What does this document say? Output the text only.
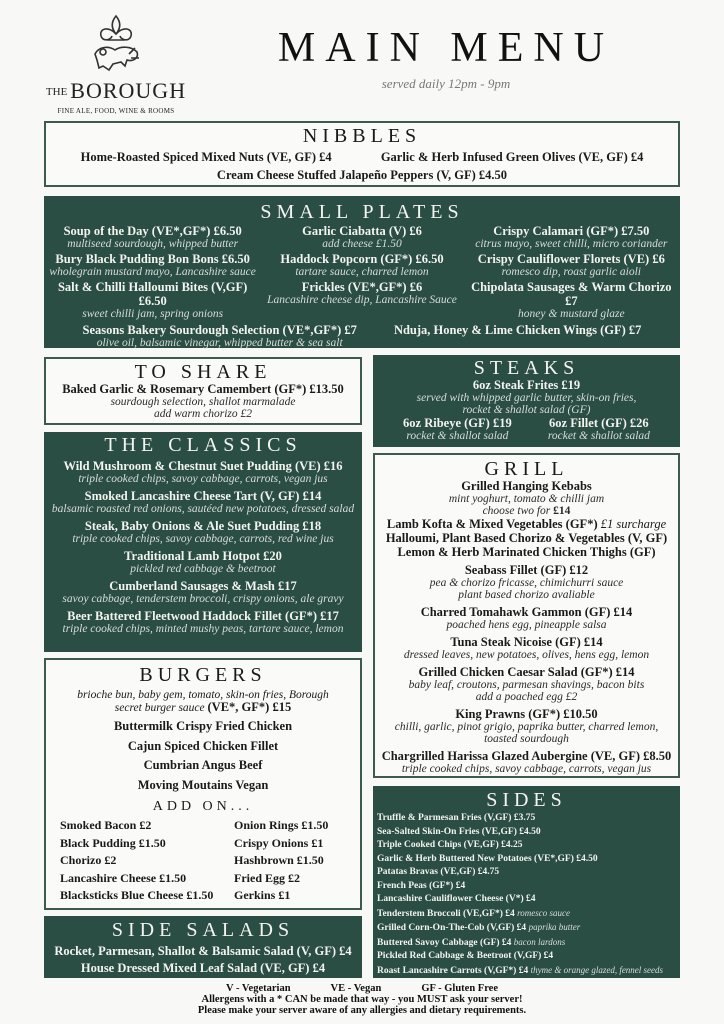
THE BOROUGH
FINE ALE, FOOD, WINE & ROOMS
MAIN MENU
served daily 12pm - 9pm
NIBBLES
Home-Roasted Spiced Mixed Nuts (VE, GF) £4	Garlic & Herb Infused Green Olives (VE, GF) £4
Cream Cheese Stuffed Jalapeño Peppers (V, GF) £4.50
SMALL PLATES
Soup of the Day (VE*,GF*) £6.50
multiseed sourdough, whipped butter
Garlic Ciabatta (V) £6
add cheese £1.50
Crispy Calamari (GF*) £7.50
citrus mayo, sweet chilli, micro coriander
Bury Black Pudding Bon Bons £6.50
wholegrain mustard mayo, Lancashire sauce
Haddock Popcorn (GF*) £6.50
tartare sauce, charred lemon
Crispy Cauliflower Florets (VE) £6
romesco dip, roast garlic aioli
Salt & Chilli Halloumi Bites (V,GF) £6.50
sweet chilli jam, spring onions
Frickles (VE*,GF*) £6
Lancashire cheese dip, Lancashire Sauce
Chipolata Sausages & Warm Chorizo £7
honey & mustard glaze
Seasons Bakery Sourdough Selection (VE*,GF*) £7
olive oil, balsamic vinegar, whipped butter & sea salt
Nduja, Honey & Lime Chicken Wings (GF) £7
TO SHARE
Baked Garlic & Rosemary Camembert (GF*) £13.50
sourdough selection, shallot marmalade
add warm chorizo £2
THE CLASSICS
Wild Mushroom & Chestnut Suet Pudding (VE) £16
triple cooked chips, savoy cabbage, carrots, vegan jus
Smoked Lancashire Cheese Tart (V, GF) £14
balsamic roasted red onions, sautéed new potatoes, dressed salad
Steak, Baby Onions & Ale Suet Pudding £18
triple cooked chips, savoy cabbage, carrots, red wine jus
Traditional Lamb Hotpot £20
pickled red cabbage & beetroot
Cumberland Sausages & Mash £17
savoy cabbage, tenderstem broccoli, crispy onions, ale gravy
Beer Battered Fleetwood Haddock Fillet (GF*) £17
triple cooked chips, minted mushy peas, tartare sauce, lemon
STEAKS
6oz Steak Frites £19
served with whipped garlic butter, skin-on fries,
rocket & shallot salad (GF)
6oz Ribeye (GF) £19
rocket & shallot salad
6oz Fillet (GF) £26
rocket & shallot salad
GRILL
Grilled Hanging Kebabs
mint yoghurt, tomato & chilli jam
choose two for £14
Lamb Kofta & Mixed Vegetables (GF*) £1 surcharge
Halloumi, Plant Based Chorizo & Vegetables (V, GF)
Lemon & Herb Marinated Chicken Thighs (GF)
Seabass Fillet (GF) £12
pea & chorizo fricasse, chimichurri sauce
plant based chorizo avaliable
Charred Tomahawk Gammon (GF) £14
poached hens egg, pineapple salsa
Tuna Steak Nicoise (GF) £14
dressed leaves, new potatoes, olives, hens egg, lemon
Grilled Chicken Caesar Salad (GF*) £14
baby leaf, croutons, parmesan shavings, bacon bits
add a poached egg £2
King Prawns (GF*) £10.50
chilli, garlic, pinot grigio, paprika butter, charred lemon,
toasted sourdough
Chargrilled Harissa Glazed Aubergine (VE, GF) £8.50
triple cooked chips, savoy cabbage, carrots, vegan jus
BURGERS
brioche bun, baby gem, tomato, skin-on fries, Borough secret burger sauce (VE*, GF*) £15
Buttermilk Crispy Fried Chicken
Cajun Spiced Chicken Fillet
Cumbrian Angus Beef
Moving Moutains Vegan
ADD ON...
Smoked Bacon £2	Onion Rings £1.50
Black Pudding £1.50	Crispy Onions £1
Chorizo £2	Hashbrown £1.50
Lancashire Cheese £1.50	Fried Egg £2
Blacksticks Blue Cheese £1.50	Gerkins £1
SIDE SALADS
Rocket, Parmesan, Shallot & Balsamic Salad (V, GF) £4
House Dressed Mixed Leaf Salad (VE, GF) £4
SIDES
Truffle & Parmesan Fries (V,GF) £3.75
Sea-Salted Skin-On Fries (VE,GF) £4.50
Triple Cooked Chips (VE,GF) £4.25
Garlic & Herb Buttered New Potatoes (VE*,GF) £4.50
Patatas Bravas (VE,GF) £4.75
French Peas (GF*) £4
Lancashire Cauliflower Cheese (V*) £4
Tenderstem Broccoli (VE,GF*) £4 romesco sauce
Grilled Corn-On-The-Cob (V,GF) £4 paprika butter
Buttered Savoy Cabbage (GF) £4 bacon lardons
Pickled Red Cabbage & Beetroot (V,GF) £4
Roast Lancashire Carrots (V,GF*) £4 thyme & orange glazed, fennel seeds
V - Vegetarian	VE - Vegan	GF - Gluten Free
Allergens with a * CAN be made that way - you MUST ask your server!
Please make your server aware of any allergies and dietary requirements.
